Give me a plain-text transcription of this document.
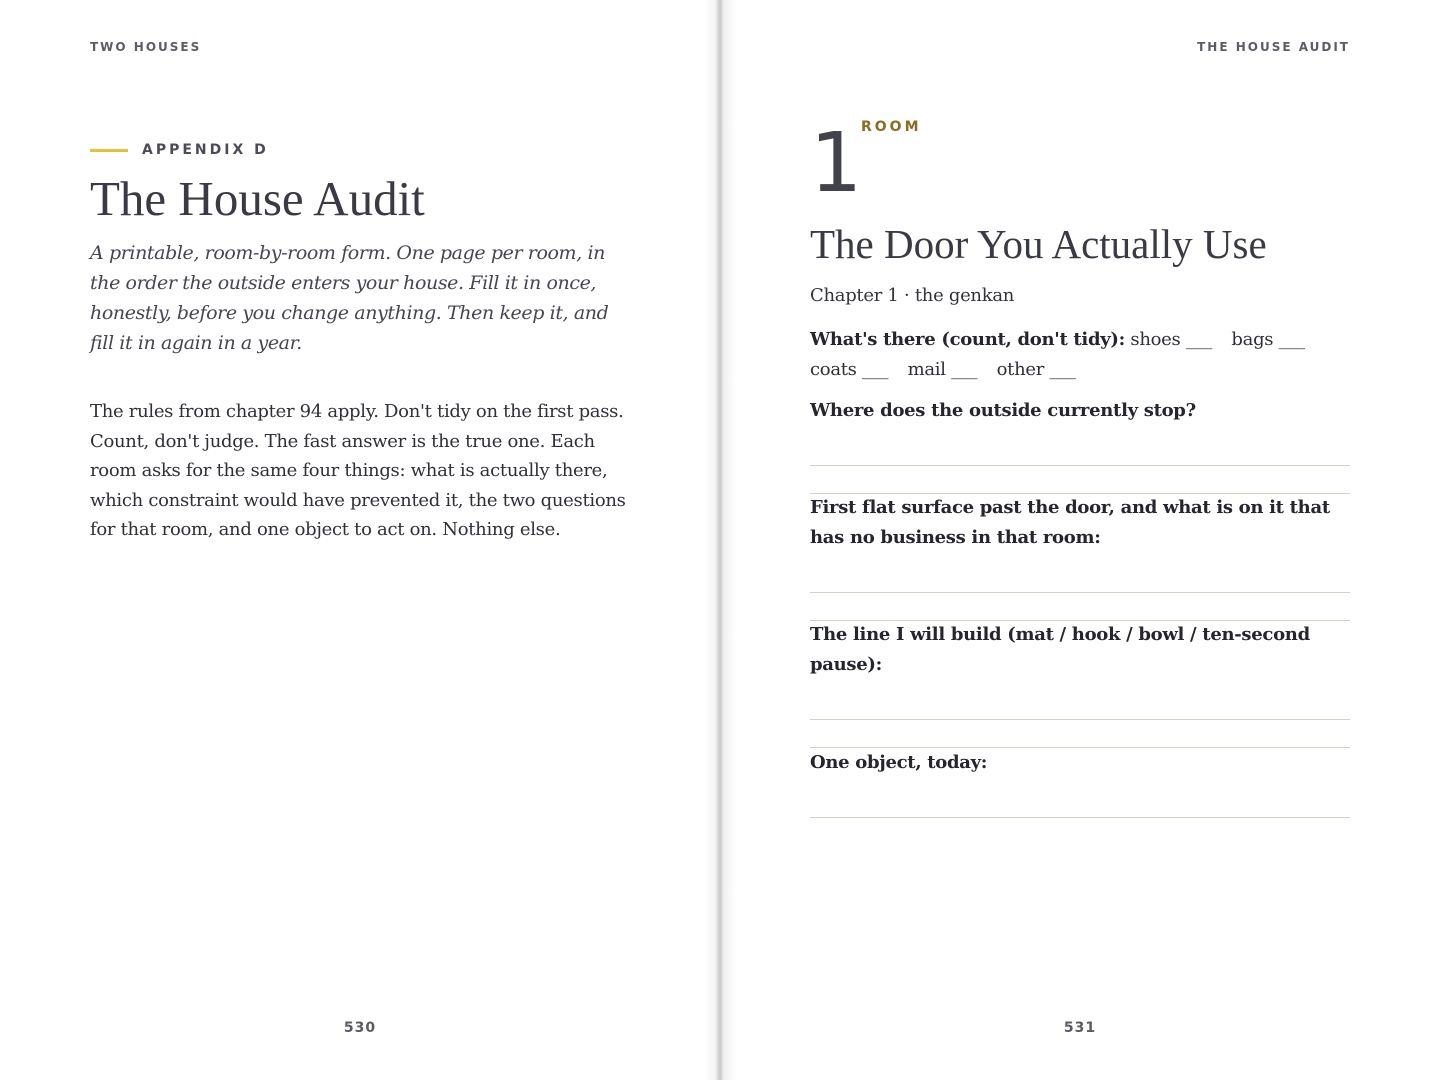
TWO HOUSES
APPENDIX D
The House Audit

A printable, room-by-room form. One page per room, in the order the outside enters your house. Fill it in once, honestly, before you change anything. Then keep it, and fill it in again in a year.

The rules from chapter 94 apply. Don't tidy on the first pass. Count, don't judge. The fast answer is the true one. Each room asks for the same four things: what is actually there, which constraint would have prevented it, the two questions for that room, and one object to act on. Nothing else.

530
THE HOUSE AUDIT
1
ROOM
The Door You Actually Use
Chapter 1 · the genkan

What's there (count, don't tidy): shoes ___ bags ___ coats ___ mail ___ other ___

Where does the outside currently stop?

First flat surface past the door, and what is on it that has no business in that room:

The line I will build (mat / hook / bowl / ten-second pause):

One object, today:

531
